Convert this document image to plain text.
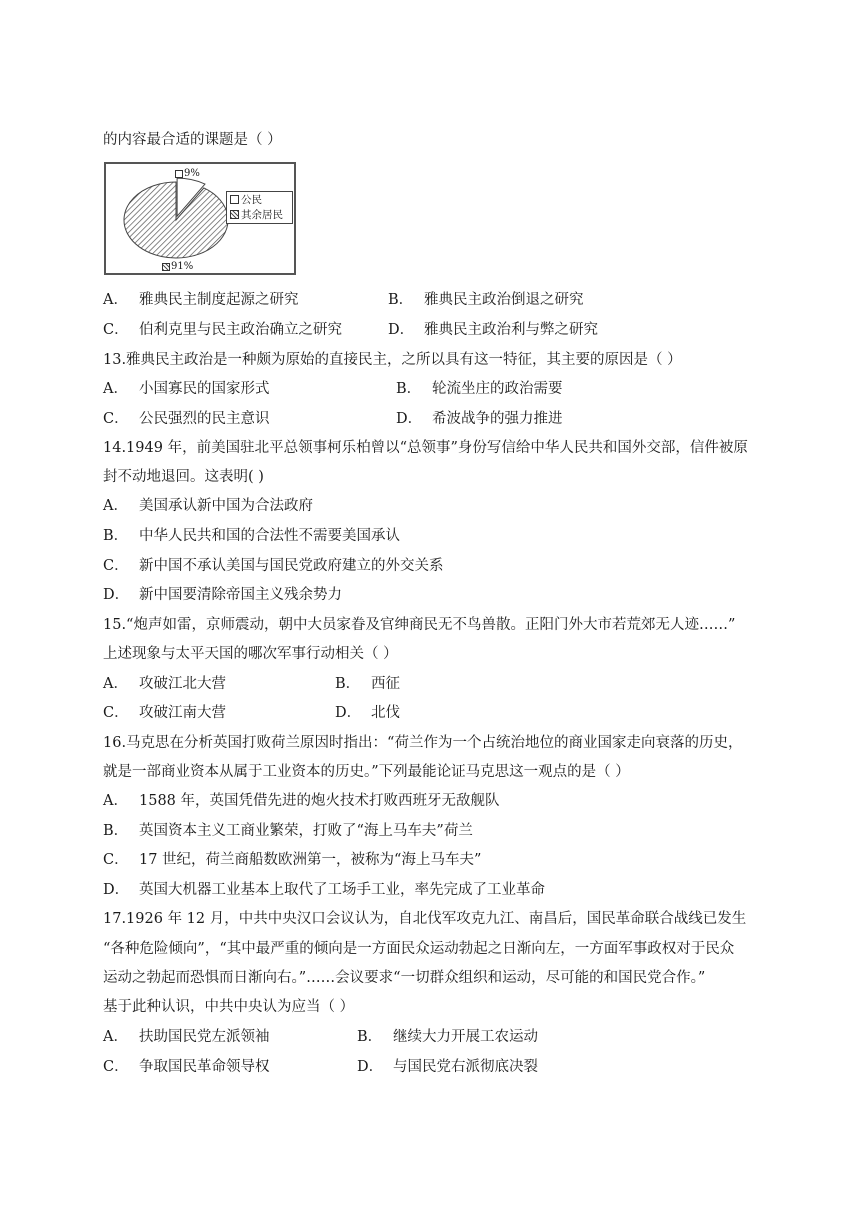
的内容最合适的课题是（ ）
9%
公民
其余居民
91%
A． 雅典民主制度起源之研究	B． 雅典民主政治倒退之研究
C． 伯利克里与民主政治确立之研究	D． 雅典民主政治利与弊之研究
13.雅典民主政治是一种颇为原始的直接民主，之所以具有这一特征，其主要的原因是（ ）
A． 小国寡民的国家形式	B． 轮流坐庄的政治需要
C． 公民强烈的民主意识	D． 希波战争的强力推进
14.1949 年，前美国驻北平总领事柯乐柏曾以“总领事”身份写信给中华人民共和国外交部，信件被原
封不动地退回。这表明( )
A． 美国承认新中国为合法政府
B． 中华人民共和国的合法性不需要美国承认
C． 新中国不承认美国与国民党政府建立的外交关系
D． 新中国要清除帝国主义残余势力
15.“炮声如雷，京师震动，朝中大员家眷及官绅商民无不鸟兽散。正阳门外大市若荒郊无人迹……”
上述现象与太平天国的哪次军事行动相关（ ）
A． 攻破江北大营	B． 西征
C． 攻破江南大营	D． 北伐
16.马克思在分析英国打败荷兰原因时指出：“荷兰作为一个占统治地位的商业国家走向衰落的历史，
就是一部商业资本从属于工业资本的历史。”下列最能论证马克思这一观点的是（ ）
A． 1588 年，英国凭借先进的炮火技术打败西班牙无敌舰队
B． 英国资本主义工商业繁荣，打败了“海上马车夫”荷兰
C． 17 世纪，荷兰商船数欧洲第一，被称为“海上马车夫”
D． 英国大机器工业基本上取代了工场手工业，率先完成了工业革命
17.1926 年 12 月，中共中央汉口会议认为，自北伐军攻克九江、南昌后，国民革命联合战线已发生
“各种危险倾向”，“其中最严重的倾向是一方面民众运动勃起之日渐向左，一方面军事政权对于民众
运动之勃起而恐惧而日渐向右。”……会议要求“一切群众组织和运动，尽可能的和国民党合作。”
基于此种认识，中共中央认为应当（ ）
A． 扶助国民党左派领袖	B． 继续大力开展工农运动
C． 争取国民革命领导权	D． 与国民党右派彻底决裂
